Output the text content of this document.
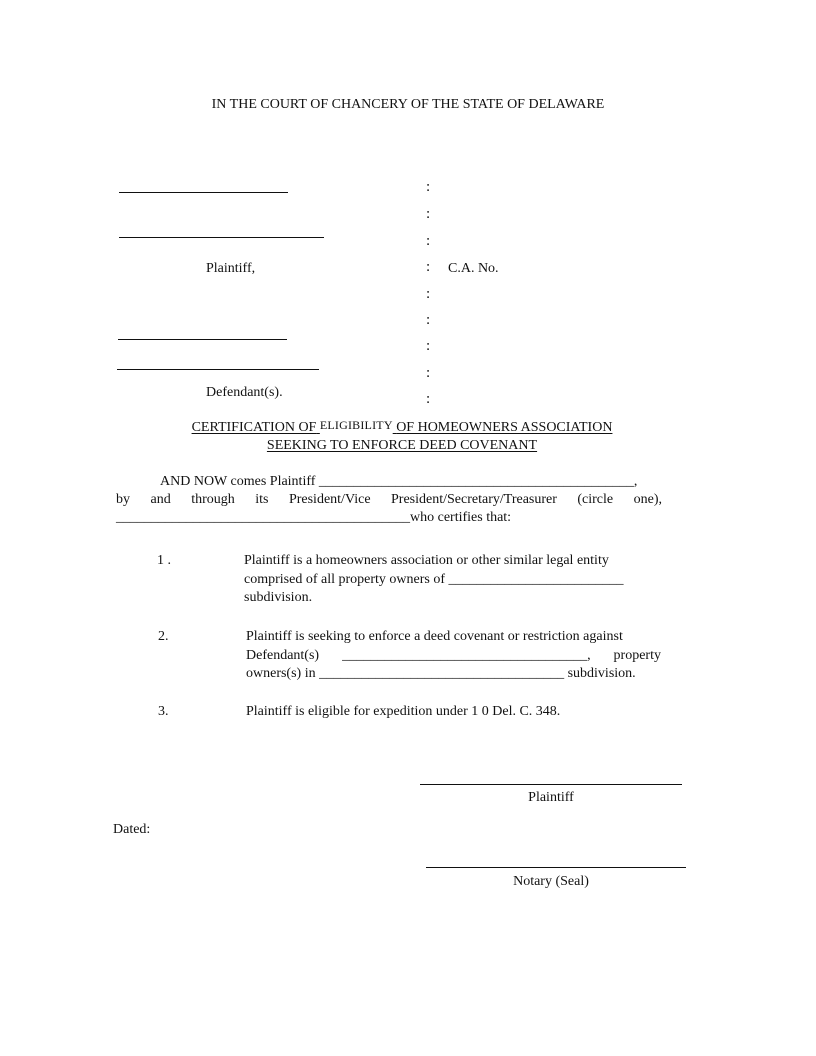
IN THE COURT OF CHANCERY OF THE STATE OF DELAWARE
Plaintiff,
Defendant(s).
:
:
:
:
:
:
:
:
:
C.A. No.
CERTIFICATION OF ELIGIBILITY OF HOMEOWNERS ASSOCIATION
SEEKING TO ENFORCE DEED COVENANT
AND NOW comes Plaintiff _____________________________________________,
by and through its President/Vice President/Secretary/Treasurer (circle one),
__________________________________________who certifies that:
1 .	Plaintiff is a homeowners association or other similar legal entity
comprised of all property owners of _________________________
subdivision.
2.	Plaintiff is seeking to enforce a deed covenant or restriction against
Defendant(s) ___________________________________, property
owners(s) in ___________________________________ subdivision.
3.	Plaintiff is eligible for expedition under 1 0 Del. C. 348.
Plaintiff
Dated:
Notary (Seal)
